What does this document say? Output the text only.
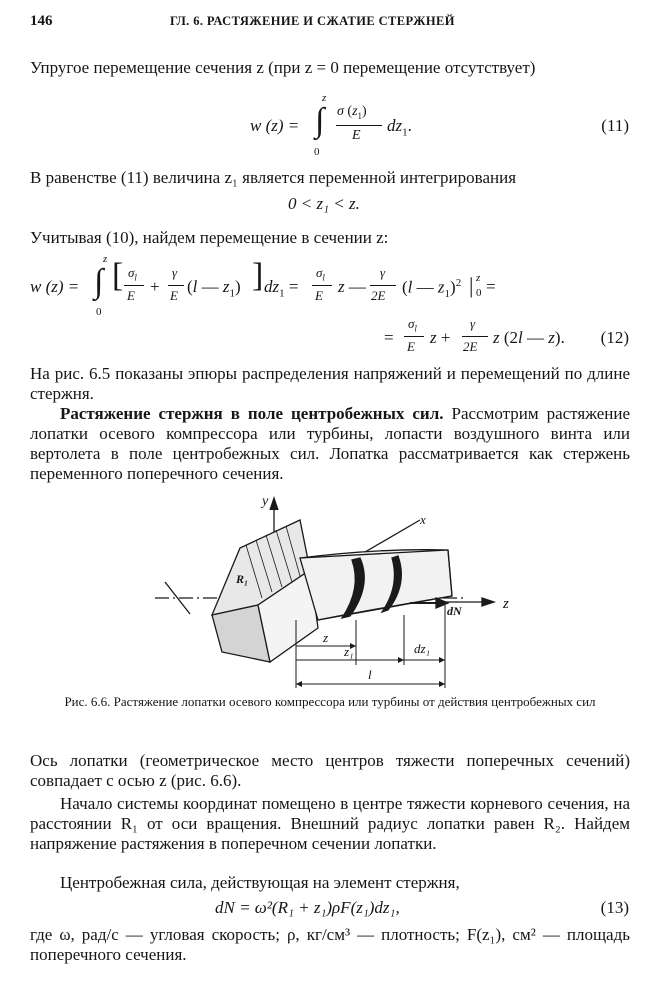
146	ГЛ. 6. РАСТЯЖЕНИЕ И СЖАТИЕ СТЕРЖНЕЙ

Упругое перемещение сечения z (при z = 0 перемещение отсутствует)

w (z) = ∫
z
0
σ $(z_1)$
E
$dz_1$.	(11)

В равенстве (11) величина z₁ является переменной интегрирования

0 < z₁ < z.

Учитывая (10), найдем перемещение в сечении z:

w (z) = ∫
z
0
[ $\sigma_l$
E +
γ
E (l — $z_1$) ] $dz_1$ =
$\sigma_l$
E z —
γ
2E (l — $z_1)^2$ | z
0 =
=
$\sigma_l$
E z +
γ
2E z (2l — z). (12)

На рис. 6.5 показаны эпюры распределения напряжений и перемещений по длине стержня.

Растяжение стержня в поле центробежных сил. Рассмотрим растяжение лопатки осевого компрессора или турбины, лопасти воздушного винта или вертолета в поле центробежных сил. Лопатка рассматривается как стержень переменного поперечного сечения.

y
x
z
R₁
dN
z
z₁	dz₁
l
Рис. 6.6. Растяжение лопатки осевого компрессора или турбины от действия центробежных сил

Ось лопатки (геометрическое место центров тяжести поперечных сечений) совпадает с осью z (рис. 6.6).

Начало системы координат помещено в центре тяжести корневого сечения, на расстоянии R₁ от оси вращения. Внешний радиус лопатки равен R₂. Найдем напряжение растяжения в поперечном сечении лопатки.

Центробежная сила, действующая на элемент стержня,

dN = ω²(R₁ + z₁)ρF(z₁)dz₁,	(13)

где ω, рад/с — угловая скорость; ρ, кг/см³ — плотность; F(z₁), см² — площадь поперечного сечения.
